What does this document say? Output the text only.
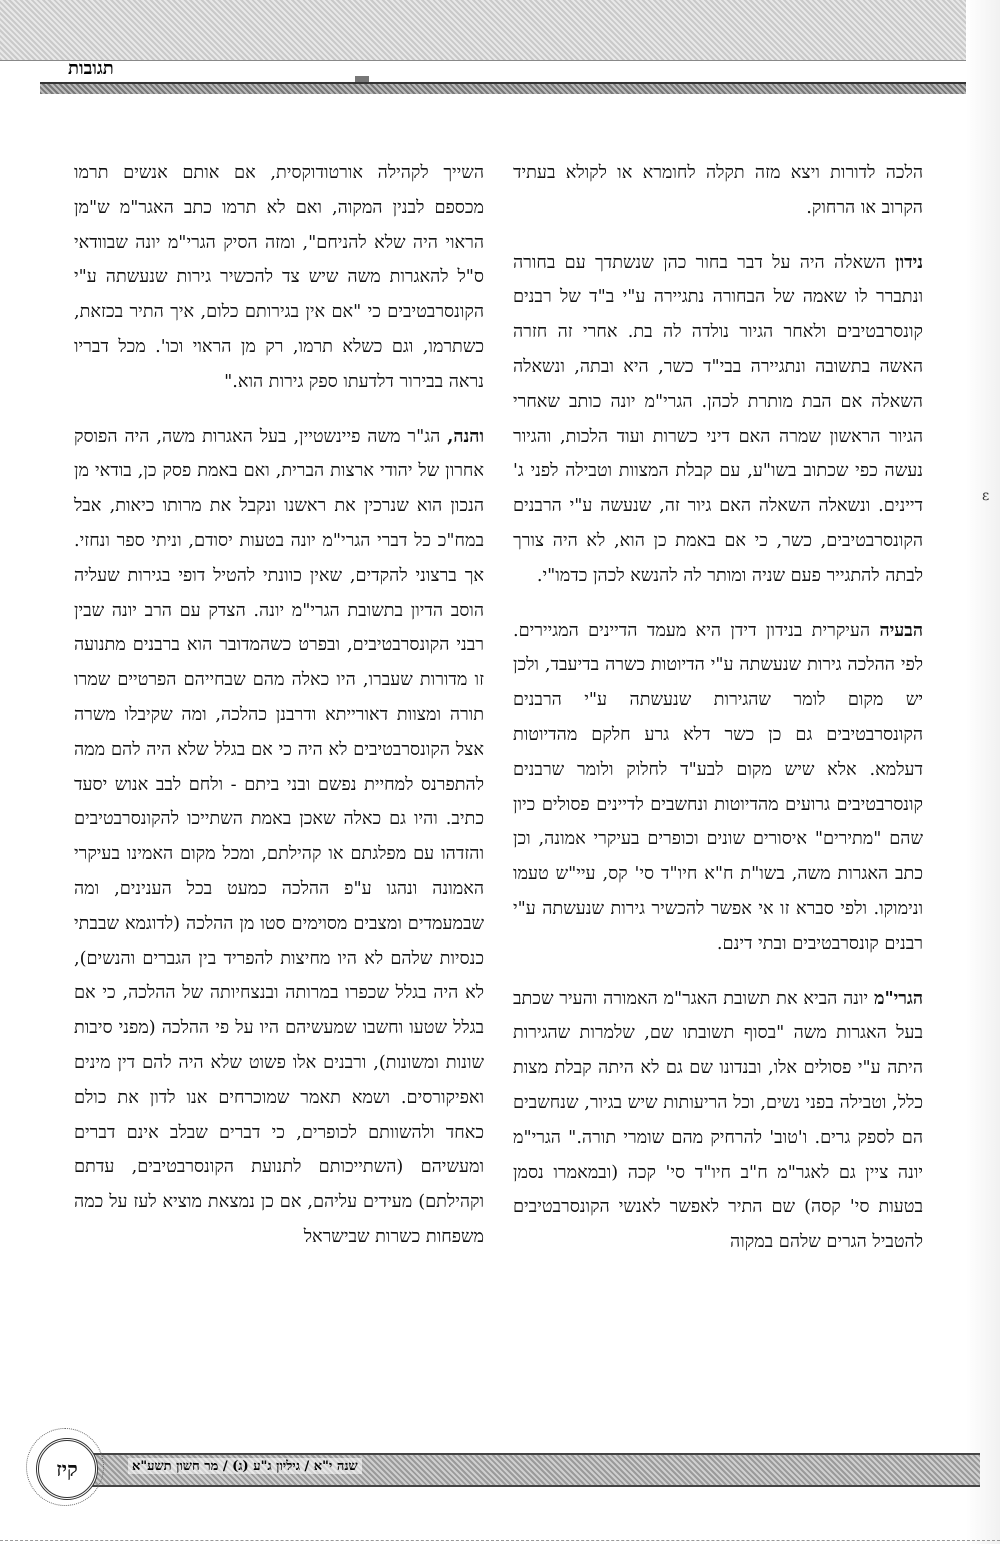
תגובות
ε

הלכה לדורות ויצא מזה תקלה לחומרא או לקולא בעתיד הקרוב או הרחוק.

נידון השאלה היה על דבר בחור כהן שנשתדך עם בחורה ונתברר לו שאמה של הבחורה נתגיירה ע"י ב"ד של רבנים קונסרבטיבים ולאחר הגיור נולדה לה בת. אחרי זה חזרה האשה בתשובה ונתגיירה בבי"ד כשר, היא ובתה, ונשאלה השאלה אם הבת מותרת לכהן. הגרי"מ יונה כותב שאחרי הגיור הראשון שמרה האם דיני כשרות ועוד הלכות, והגיור נעשה כפי שכתוב בשו"ע, עם קבלת המצוות וטבילה לפני ג' דיינים. ונשאלה השאלה האם גיור זה, שנעשה ע"י הרבנים הקונסרבטיבים, כשר, כי אם באמת כן הוא, לא היה צורך לבתה להתגייר פעם שניה ומותר לה להנשא לכהן כדמו"י.

הבעיה העיקרית בנידון דידן היא מעמד הדיינים המגיירים. לפי ההלכה גירות שנעשתה ע"י הדיוטות כשרה בדיעבד, ולכן יש מקום לומר שהגירות שנעשתה ע"י הרבנים הקונסרבטיבים גם כן כשר דלא גרע חלקם מהדיוטות דעלמא. אלא שיש מקום לבע"ד לחלוק ולומר שרבנים קונסרבטיבים גרועים מהדיוטות ונחשבים לדיינים פסולים כיון שהם "מתירים" איסורים שונים וכופרים בעיקרי אמונה, וכן כתב האגרות משה, בשו"ת ח"א חיו"ד סי' קס, עיי"ש טעמו ונימוקו. ולפי סברא זו אי אפשר להכשיר גירות שנעשתה ע"י רבנים קונסרבטיבים ובתי דינם.

הגרי"מ יונה הביא את תשובת האגר"מ האמורה והעיר שכתב בעל האגרות משה "בסוף תשובתו שם, שלמרות שהגירות היתה ע"י פסולים אלו, ובנדונו שם גם לא היתה קבלת מצות כלל, וטבילה בפני נשים, וכל הריעותות שיש בגיור, שנחשבים הם לספק גרים. ו'טוב' להרחיק מהם שומרי תורה." הגרי"מ יונה ציין גם לאגר"מ ח"ב חיו"ד סי' קכה (ובמאמרו נסמן בטעות סי' קסה) שם התיר לאפשר לאנשי הקונסרבטיבים להטביל הגרים שלהם במקוה

השייך לקהילה אורטודוקסית, אם אותם אנשים תרמו מכספם לבנין המקוה, ואם לא תרמו כתב האגר"מ ש"מן הראוי היה שלא להניחם", ומזה הסיק הגרי"מ יונה שבוודאי ס"ל להאגרות משה שיש צד להכשיר גירות שנעשתה ע"י הקונסרבטיבים כי "אם אין בגירותם כלום, איך התיר בכזאת, כשתרמו, וגם כשלא תרמו, רק מן הראוי וכו'. מכל דבריו נראה בבירור דלדעתו ספק גירות הוא."

והנה, הג"ר משה פיינשטיין, בעל האגרות משה, היה הפוסק אחרון של יהודי ארצות הברית, ואם באמת פסק כן, בודאי מן הנכון הוא שנרכין את ראשנו ונקבל את מרותו כיאות, אבל במח"כ כל דברי הגרי"מ יונה בטעות יסודם, וניתי ספר ונחזי. אך ברצוני להקדים, שאין כוונתי להטיל דופי בגירות שעליה הוסב הדיון בתשובת הגרי"מ יונה. הצדק עם הרב יונה שבין רבני הקונסרבטיבים, ובפרט כשהמדובר הוא ברבנים מתנועה זו מדורות שעברו, היו כאלה מהם שבחייהם הפרטיים שמרו תורה ומצוות דאורייתא ודרבנן כהלכה, ומה שקיבלו משרה אצל הקונסרבטיבים לא היה כי אם בגלל שלא היה להם ממה להתפרנס למחיית נפשם ובני ביתם - ולחם לבב אנוש יסעד כתיב. והיו גם כאלה שאכן באמת השתייכו להקונסרבטיבים והזדהו עם מפלגתם או קהילתם, ומכל מקום האמינו בעיקרי האמונה ונהגו ע"פ ההלכה כמעט בכל הענינים, ומה שבמעמדים ומצבים מסוימים סטו מן ההלכה (לדוגמא שבבתי כנסיות שלהם לא היו מחיצות להפריד בין הגברים והנשים), לא היה בגלל שכפרו במרותה ובנצחיותה של ההלכה, כי אם בגלל שטעו וחשבו שמעשיהם היו על פי ההלכה (מפני סיבות שונות ומשונות), ורבנים אלו פשוט שלא היה להם דין מינים ואפיקורסים. ושמא תאמר שמוכרחים אנו לדון את כולם כאחד ולהשוותם לכופרים, כי דברים שבלב אינם דברים ומעשיהם (השתייכותם לתנועת הקונסרבטיבים, עדתם וקהילתם) מעידים עליהם, אם כן נמצאת מוציא לעז על כמה משפחות כשרות שבישראל

שנה י"א / גיליון ג"ע (ג) / מר חשון תשע"א
קיז
